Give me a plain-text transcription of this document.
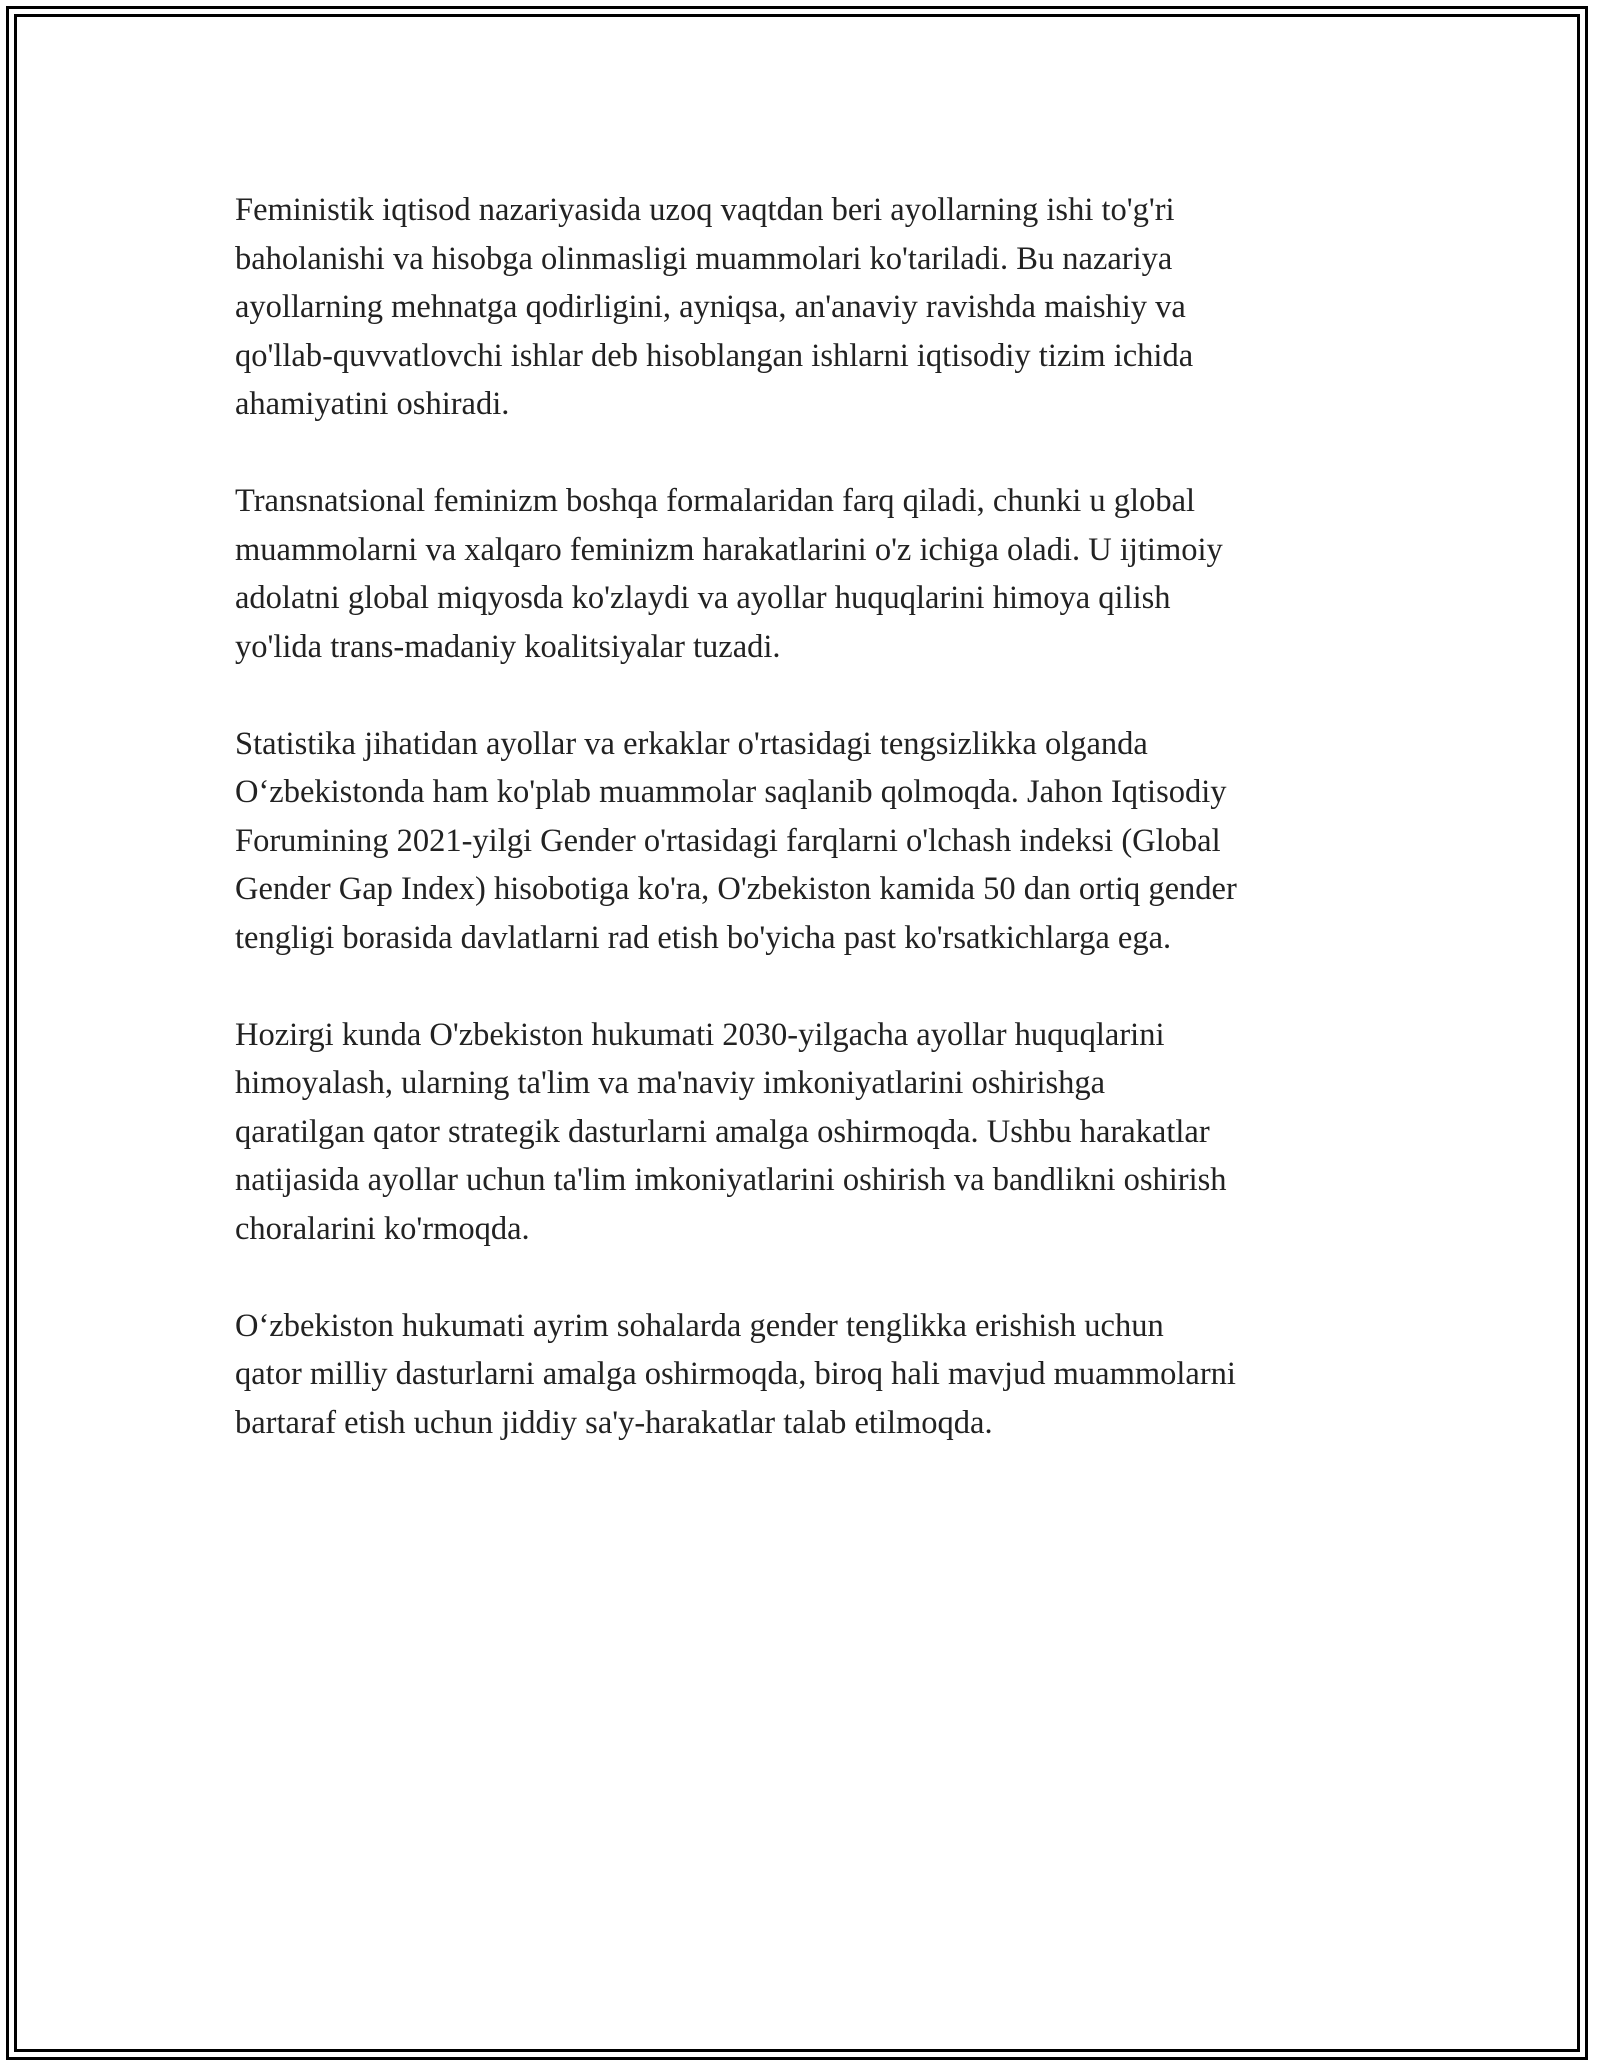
Feministik iqtisod nazariyasida uzoq vaqtdan beri ayollarning ishi to'g'ri
baholanishi va hisobga olinmasligi muammolari ko'tariladi. Bu nazariya
ayollarning mehnatga qodirligini, ayniqsa, an'anaviy ravishda maishiy va
qo'llab-quvvatlovchi ishlar deb hisoblangan ishlarni iqtisodiy tizim ichida
ahamiyatini oshiradi.

Transnatsional feminizm boshqa formalaridan farq qiladi, chunki u global
muammolarni va xalqaro feminizm harakatlarini o'z ichiga oladi. U ijtimoiy
adolatni global miqyosda ko'zlaydi va ayollar huquqlarini himoya qilish
yo'lida trans-madaniy koalitsiyalar tuzadi.

Statistika jihatidan ayollar va erkaklar o'rtasidagi tengsizlikka olganda
O‘zbekistonda ham ko'plab muammolar saqlanib qolmoqda. Jahon Iqtisodiy
Forumining 2021-yilgi Gender o'rtasidagi farqlarni o'lchash indeksi (Global
Gender Gap Index) hisobotiga ko'ra, O'zbekiston kamida 50 dan ortiq gender
tengligi borasida davlatlarni rad etish bo'yicha past ko'rsatkichlarga ega.

Hozirgi kunda O'zbekiston hukumati 2030-yilgacha ayollar huquqlarini
himoyalash, ularning ta'lim va ma'naviy imkoniyatlarini oshirishga
qaratilgan qator strategik dasturlarni amalga oshirmoqda. Ushbu harakatlar
natijasida ayollar uchun ta'lim imkoniyatlarini oshirish va bandlikni oshirish
choralarini ko'rmoqda.

O‘zbekiston hukumati ayrim sohalarda gender tenglikka erishish uchun
qator milliy dasturlarni amalga oshirmoqda, biroq hali mavjud muammolarni
bartaraf etish uchun jiddiy sa'y-harakatlar talab etilmoqda.
